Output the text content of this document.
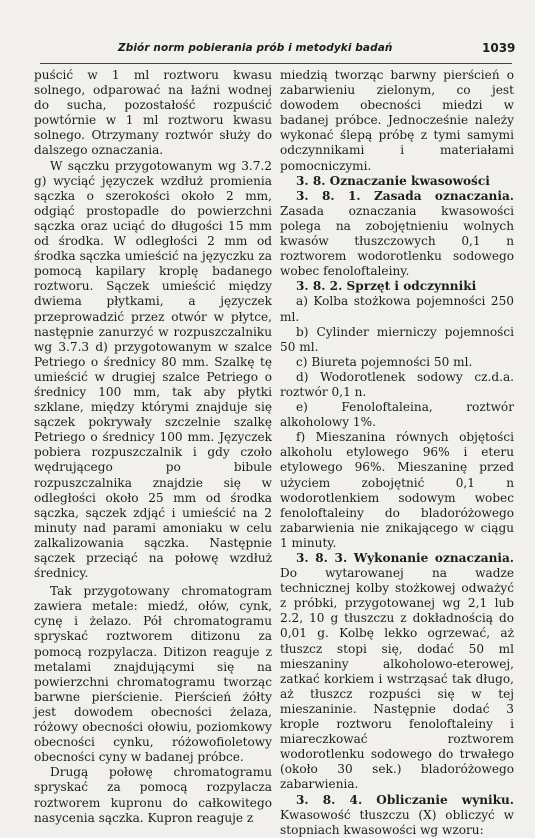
Zbiór norm pobierania prób i metodyki badań	1039

puścić w 1 ml roztworu kwasu solnego, odparować na łaźni wodnej do sucha, pozostałość rozpuścić powtórnie w 1 ml roztworu kwasu solnego. Otrzymany roztwór służy do dalszego oznaczania.

W sączku przygotowanym wg 3.7.2 g) wyciąć języczek wzdłuż promienia sączka o szerokości około 2 mm, odgiąć prostopadle do powierzchni sączka oraz uciąć do długości 15 mm od środka. W odległości 2 mm od środka sączka umieścić na języczku za pomocą kapilary kroplę badanego roztworu. Sączek umieścić między dwiema płytkami, a języczek przeprowadzić przez otwór w płytce, następnie zanurzyć w rozpuszczalniku wg 3.7.3 d) przygotowanym w szalce Petriego o średnicy 80 mm. Szalkę tę umieścić w drugiej szalce Petriego o średnicy 100 mm, tak aby płytki szklane, między którymi znajduje się sączek pokrywały szczelnie szalkę Petriego o średnicy 100 mm. Języczek pobiera rozpuszczalnik i gdy czoło wędrującego po bibule rozpuszczalnika znajdzie się w odległości około 25 mm od środka sączka, sączek zdjąć i umieścić na 2 minuty nad parami amoniaku w celu zalkalizowania sączka. Następnie sączek przeciąć na połowę wzdłuż średnicy.

Tak przygotowany chromatogram zawiera metale: miedź, ołów, cynk, cynę i żelazo. Pół chromatogramu spryskać roztworem ditizonu za pomocą rozpylacza. Ditizon reaguje z metalami znajdującymi się na powierzchni chromatogramu tworząc barwne pierścienie. Pierścień żółty jest dowodem obecności żelaza, różowy obecności ołowiu, poziomkowy obecności cynku, różowofioletowy obecności cyny w badanej próbce.

Drugą połowę chromatogramu spryskać za pomocą rozpylacza roztworem kupronu do całkowitego nasycenia sączka. Kupron reaguje z

miedzią tworząc barwny pierścień o zabarwieniu zielonym, co jest dowodem obecności miedzi w badanej próbce. Jednocześnie należy wykonać ślepą próbę z tymi samymi odczynnikami i materiałami pomocniczymi.

3. 8. Oznaczanie kwasowości

3. 8. 1. Zasada oznaczania. Zasada oznaczania kwasowości polega na zobojętnieniu wolnych kwasów tłuszczowych 0,1 n roztworem wodorotlenku sodowego wobec fenoloftaleiny.

3. 8. 2. Sprzęt i odczynniki

a) Kolba stożkowa pojemności 250 ml.

b) Cylinder mierniczy pojemności 50 ml.

c) Biureta pojemności 50 ml.

d) Wodorotlenek sodowy cz.d.a. roztwór 0,1 n.

e) Fenoloftaleina, roztwór alkoholowy 1%.

f) Mieszanina równych objętości alkoholu etylowego 96% i eteru etylowego 96%. Mieszaninę przed użyciem zobojętnić 0,1 n wodorotlenkiem sodowym wobec fenoloftaleiny do bladoróżowego zabarwienia nie znikającego w ciągu 1 minuty.

3. 8. 3. Wykonanie oznaczania. Do wytarowanej na wadze technicznej kolby stożkowej odważyć z próbki, przygotowanej wg 2,1 lub 2.2, 10 g tłuszczu z dokładnością do 0,01 g. Kolbę lekko ogrzewać, aż tłuszcz stopi się, dodać 50 ml mieszaniny alkoholowo-eterowej, zatkać korkiem i wstrząsać tak długo, aż tłuszcz rozpuści się w tej mieszaninie. Następnie dodać 3 krople roztworu fenoloftaleiny i miareczkować roztworem wodorotlenku sodowego do trwałego (około 30 sek.) bladoróżowego zabarwienia.

3. 8. 4. Obliczanie wyniku. Kwasowość tłuszczu (X) obliczyć w stopniach kwasowości wg wzoru:
